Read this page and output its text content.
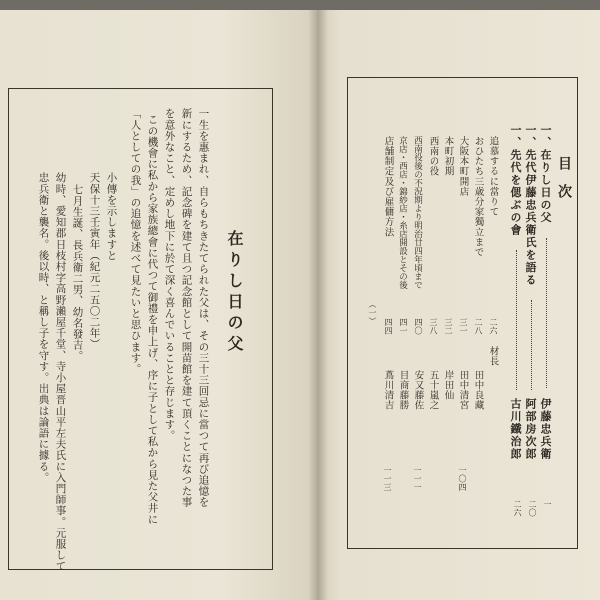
在りし日の父
一生を惠まれ、自らもちきたてられた父は、その三十三回忌に當つて再び追憶を
新にするため、記念碑を建て且つ記念館として開苗館を建て頂くことになつた事
を意外なこと、定めし地下に於て深く喜んでいることと存じます。
この機會に私から家族總會に代つて御禮を申上げ、序に子として私から見た父井に
「人としての我」の追憶を述べて見たいと思ひます。
小傳を示しますと
天保十三壬寅年（紀元二五〇二年）
七月生誕、長兵衛二男、幼名發吉。
幼時、愛知郡日枝村字高野瀨屋千堂、寺小屋晋山平左夫氏に入門師事。元服して
忠兵衛と襲名。後以時、と稱し子を守す。出典は論語に據る。	目　次
一、在りし日の父
伊藤忠兵衛
一
一、先代伊藤忠兵衛氏を語る
阿部房次郎
二〇
一、先代を偲ぶの會
古川鐵治郎
二六
追慕するに當りて
材長
二六
おひたち三歳分家獨立まで
田中良藏
二八
大阪本町開店
田中清宮
三一
本町初期
岸田仙
三二
西南の役
五十嵐之
三八
西南役後の不況期より明治廿四年頃まで
安又藤佐
四〇
京店・西店・錦紗店・糸店開設とその後
目商藤勝
四一
店舗制定及び雇傭方法
蔦川清吉
四四
一〇四
一一一
一一三
（一）
